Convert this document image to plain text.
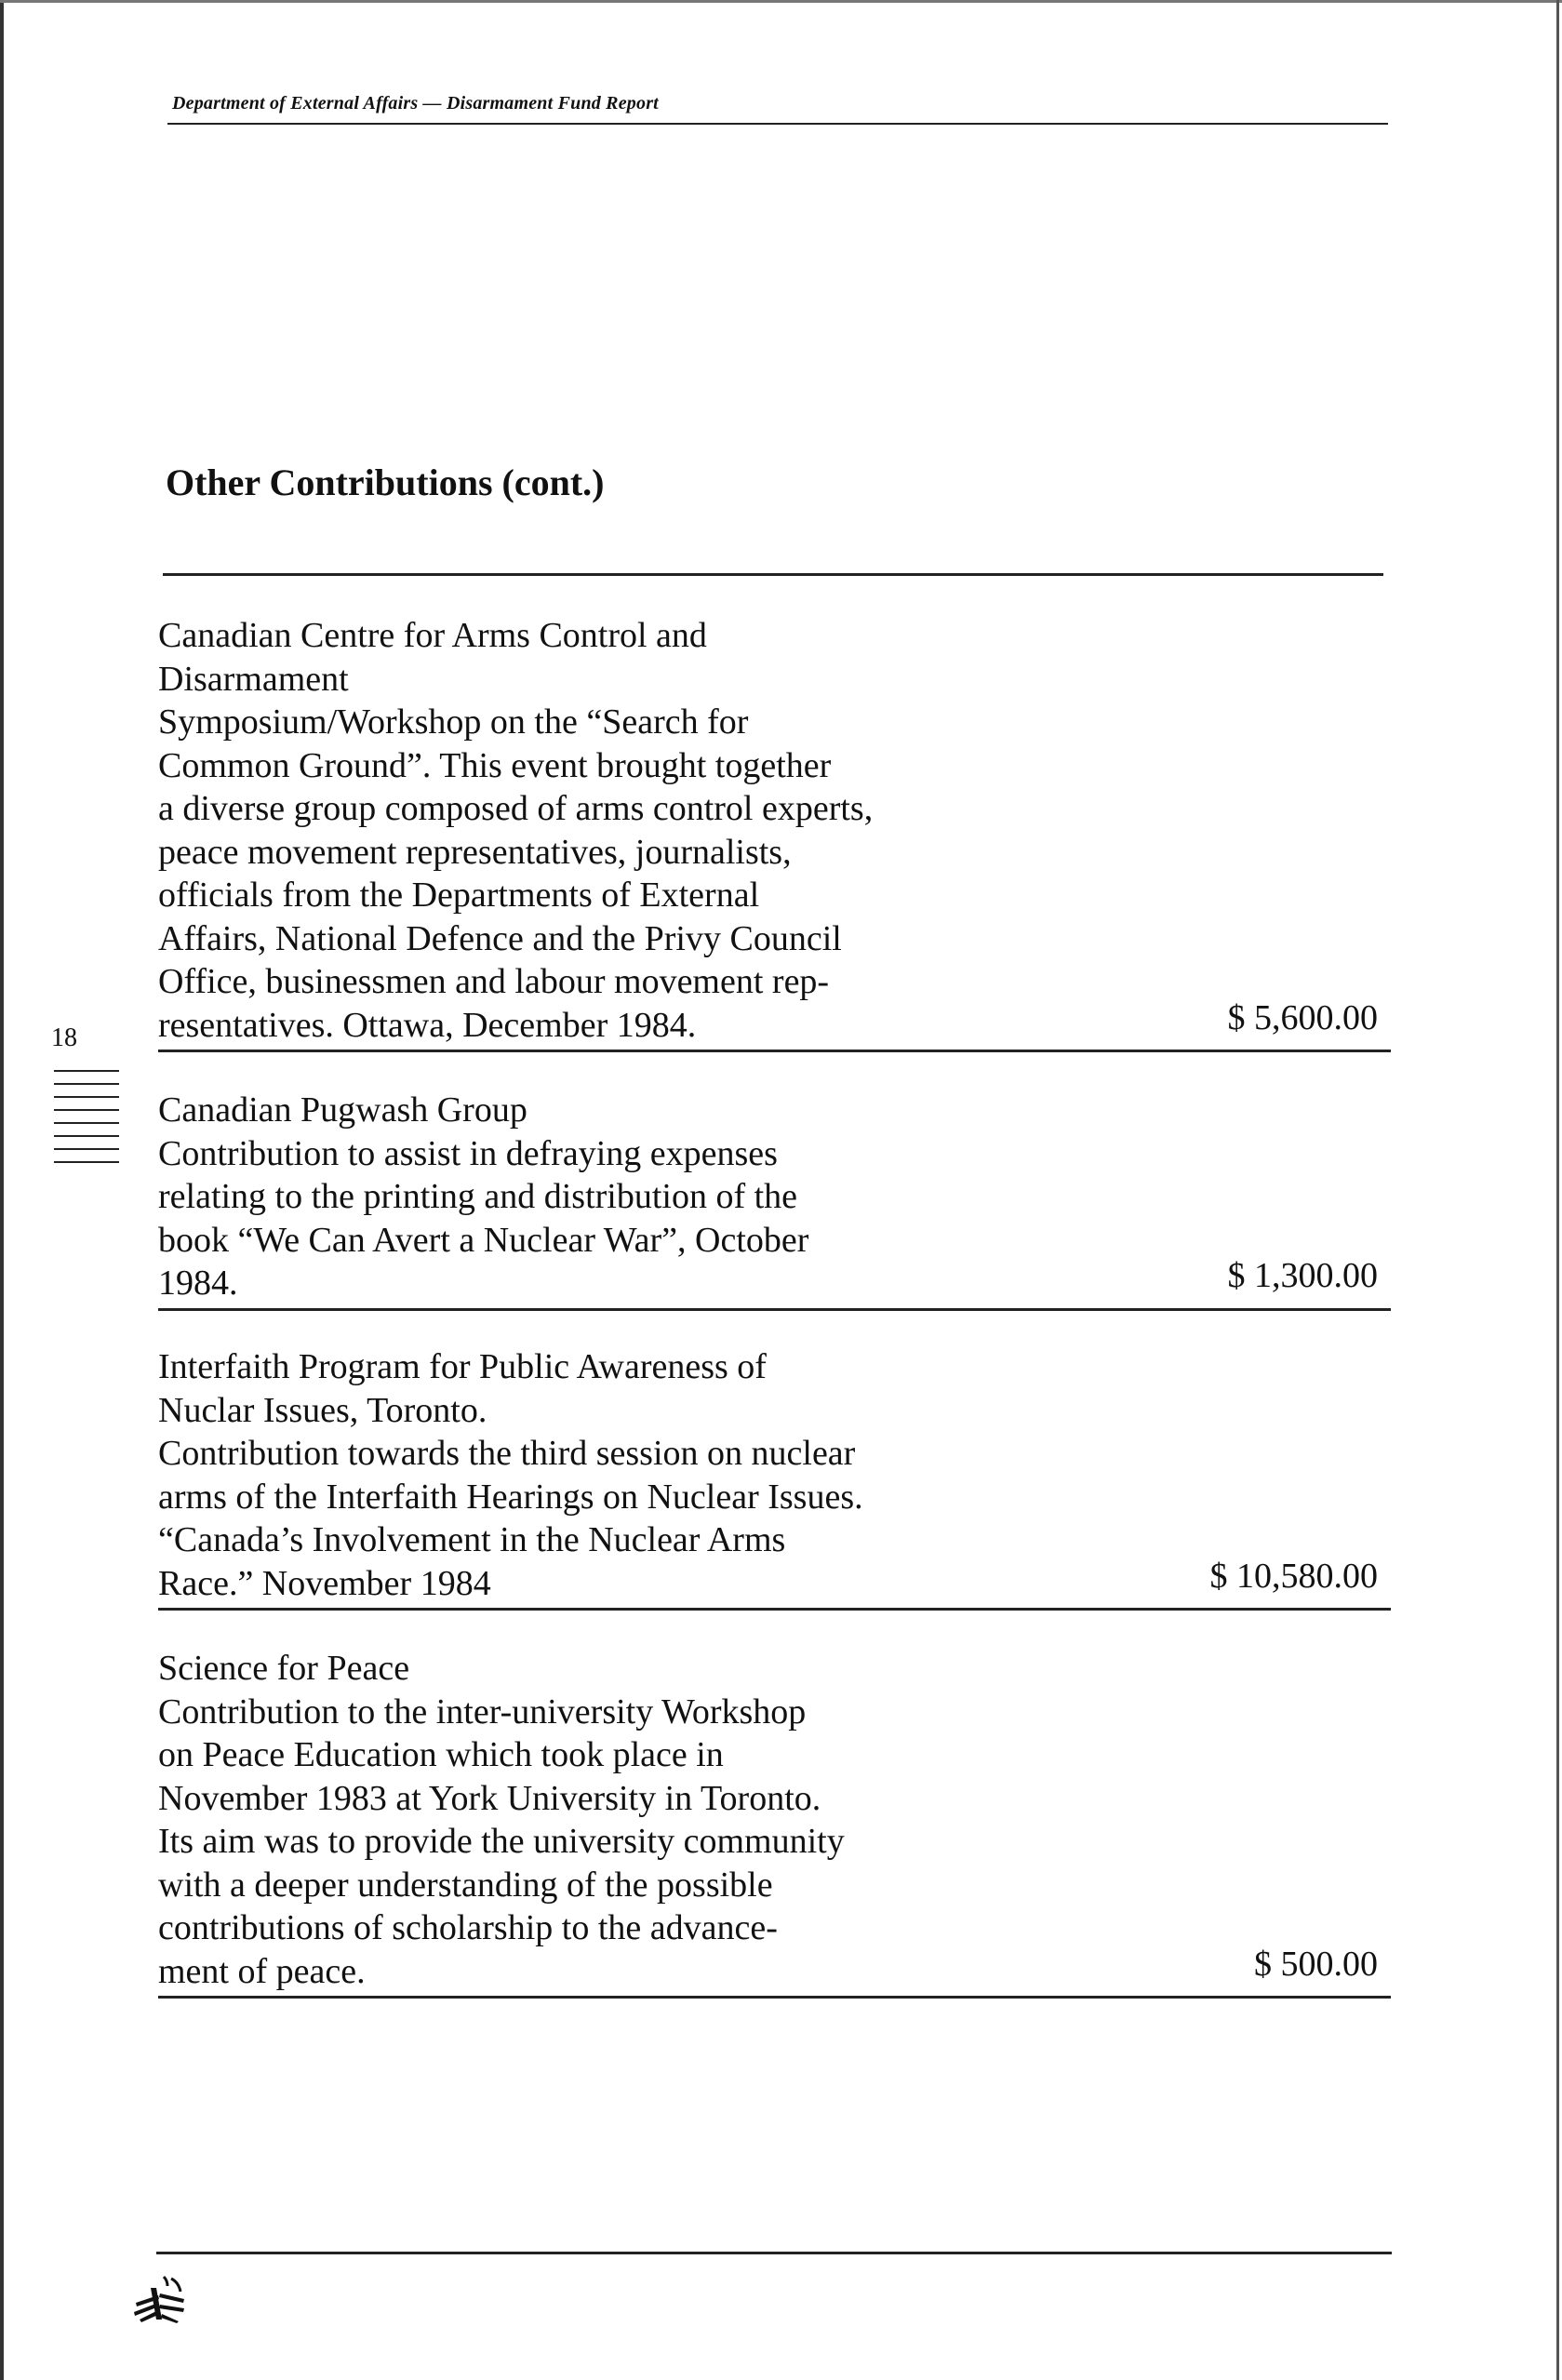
Department of External Affairs — Disarmament Fund Report
Other Contributions (cont.)
18
Canadian Centre for Arms Control and
Disarmament
Symposium/Workshop on the “Search for
Common Ground”. This event brought together
a diverse group composed of arms control experts,
peace movement representatives, journalists,
officials from the Departments of External
Affairs, National Defence and the Privy Council
Office, businessmen and labour movement rep-
resentatives. Ottawa, December 1984.	$ 5,600.00
Canadian Pugwash Group
Contribution to assist in defraying expenses
relating to the printing and distribution of the
book “We Can Avert a Nuclear War”, October
1984.	$ 1,300.00
Interfaith Program for Public Awareness of
Nuclar Issues, Toronto.
Contribution towards the third session on nuclear
arms of the Interfaith Hearings on Nuclear Issues.
“Canada’s Involvement in the Nuclear Arms
Race.” November 1984	$ 10,580.00
Science for Peace
Contribution to the inter-university Workshop
on Peace Education which took place in
November 1983 at York University in Toronto.
Its aim was to provide the university community
with a deeper understanding of the possible
contributions of scholarship to the advance-
ment of peace.	$ 500.00
